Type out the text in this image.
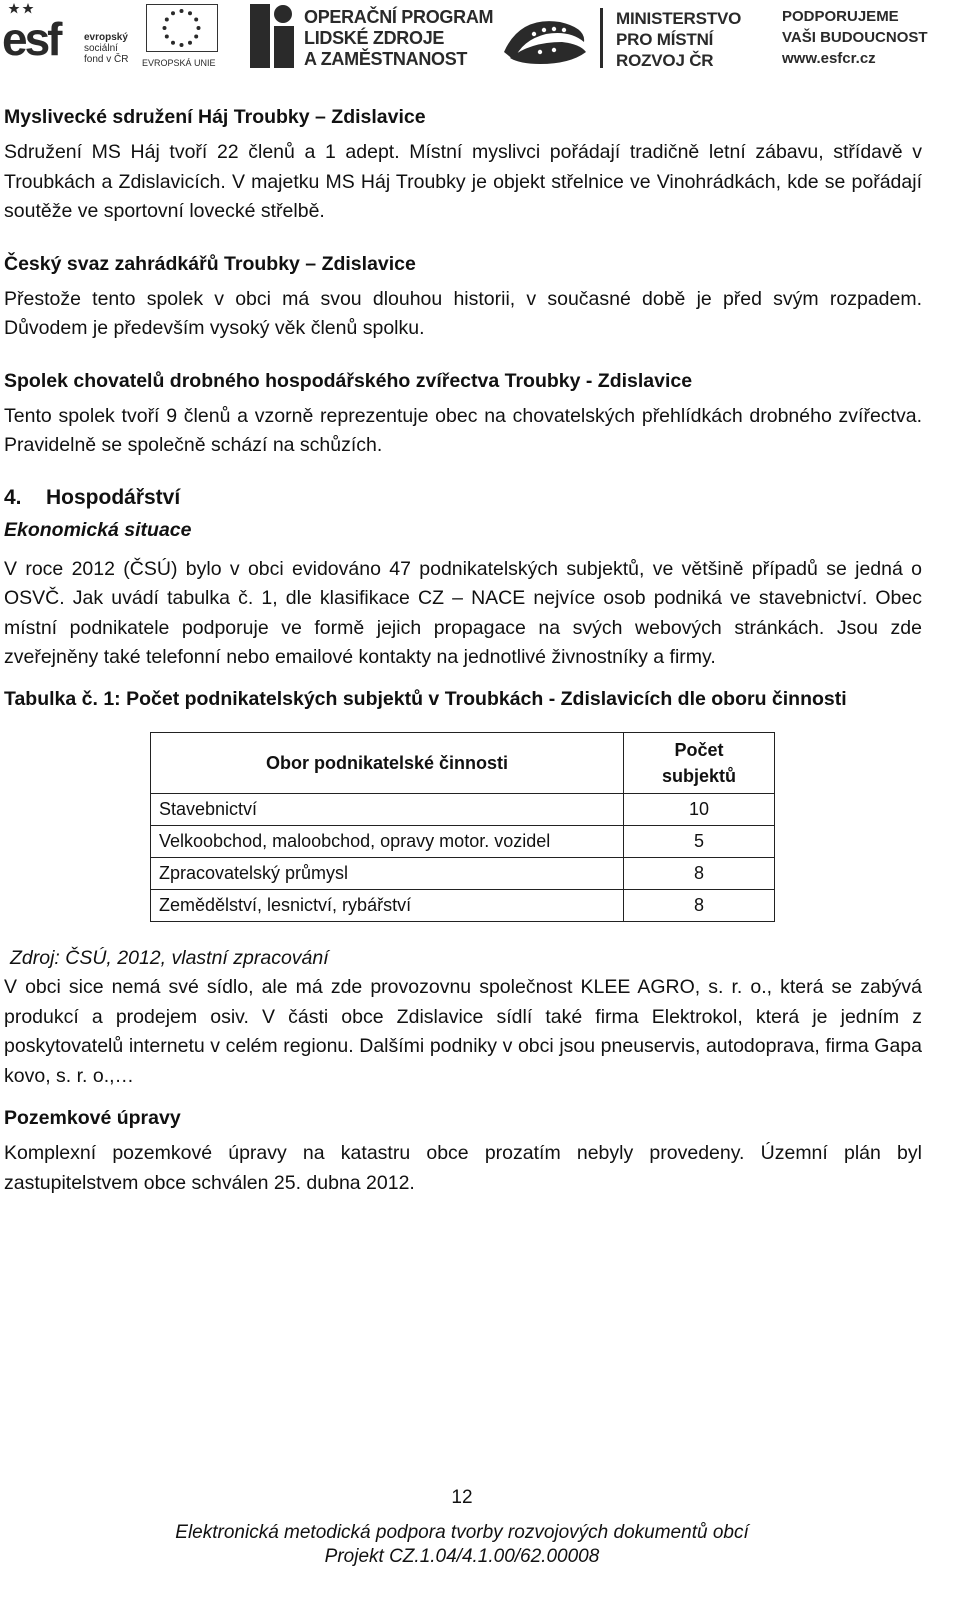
esf evropský
sociální
fond v ČR EVROPSKÁ UNIE
OPERAČNÍ PROGRAM
LIDSKÉ ZDROJE
A ZAMĚSTNANOST
MINISTERSTVO
PRO MÍSTNÍ
ROZVOJ ČR
PODPORUJEME
VAŠI BUDOUCNOST
www.esfcr.cz
Myslivecké sdružení Háj Troubky – Zdislavice

Sdružení MS Háj tvoří 22 členů a 1 adept. Místní myslivci pořádají tradičně letní zábavu, střídavě v Troubkách a Zdislavicích. V majetku MS Háj Troubky je objekt střelnice ve Vinohrádkách, kde se pořádají soutěže ve sportovní lovecké střelbě.

Český svaz zahrádkářů Troubky – Zdislavice

Přestože tento spolek v obci má svou dlouhou historii, v současné době je před svým rozpadem. Důvodem je především vysoký věk členů spolku.

Spolek chovatelů drobného hospodářského zvířectva Troubky - Zdislavice

Tento spolek tvoří 9 členů a vzorně reprezentuje obec na chovatelských přehlídkách drobného zvířectva. Pravidelně se společně schází na schůzích.

4. Hospodářství
Ekonomická situace

V roce 2012 (ČSÚ) bylo v obci evidováno 47 podnikatelských subjektů, ve většině případů se jedná o OSVČ. Jak uvádí tabulka č. 1, dle klasifikace CZ – NACE nejvíce osob podniká ve stavebnictví. Obec místní podnikatele podporuje ve formě jejich propagace na svých webových stránkách. Jsou zde zveřejněny také telefonní nebo emailové kontakty na jednotlivé živnostníky a firmy.

Tabulka č. 1: Počet podnikatelských subjektů v Troubkách - Zdislavicích dle oboru činnosti

Obor podnikatelské činnosti	Počet
subjektů
Stavebnictví	10
Velkoobchod, maloobchod, opravy motor. vozidel	5
Zpracovatelský průmysl	8
Zemědělství, lesnictví, rybářství	8
Zdroj: ČSÚ, 2012, vlastní zpracování

V obci sice nemá své sídlo, ale má zde provozovnu společnost KLEE AGRO, s. r. o., která se zabývá produkcí a prodejem osiv. V části obce Zdislavice sídlí také firma Elektrokol, která je jedním z poskytovatelů internetu v celém regionu. Dalšími podniky v obci jsou pneuservis, autodoprava, firma Gapa kovo, s. r. o.,…

Pozemkové úpravy

Komplexní pozemkové úpravy na katastru obce prozatím nebyly provedeny. Územní plán byl zastupitelstvem obce schválen 25. dubna 2012.

12
Elektronická metodická podpora tvorby rozvojových dokumentů obcí
Projekt CZ.1.04/4.1.00/62.00008
